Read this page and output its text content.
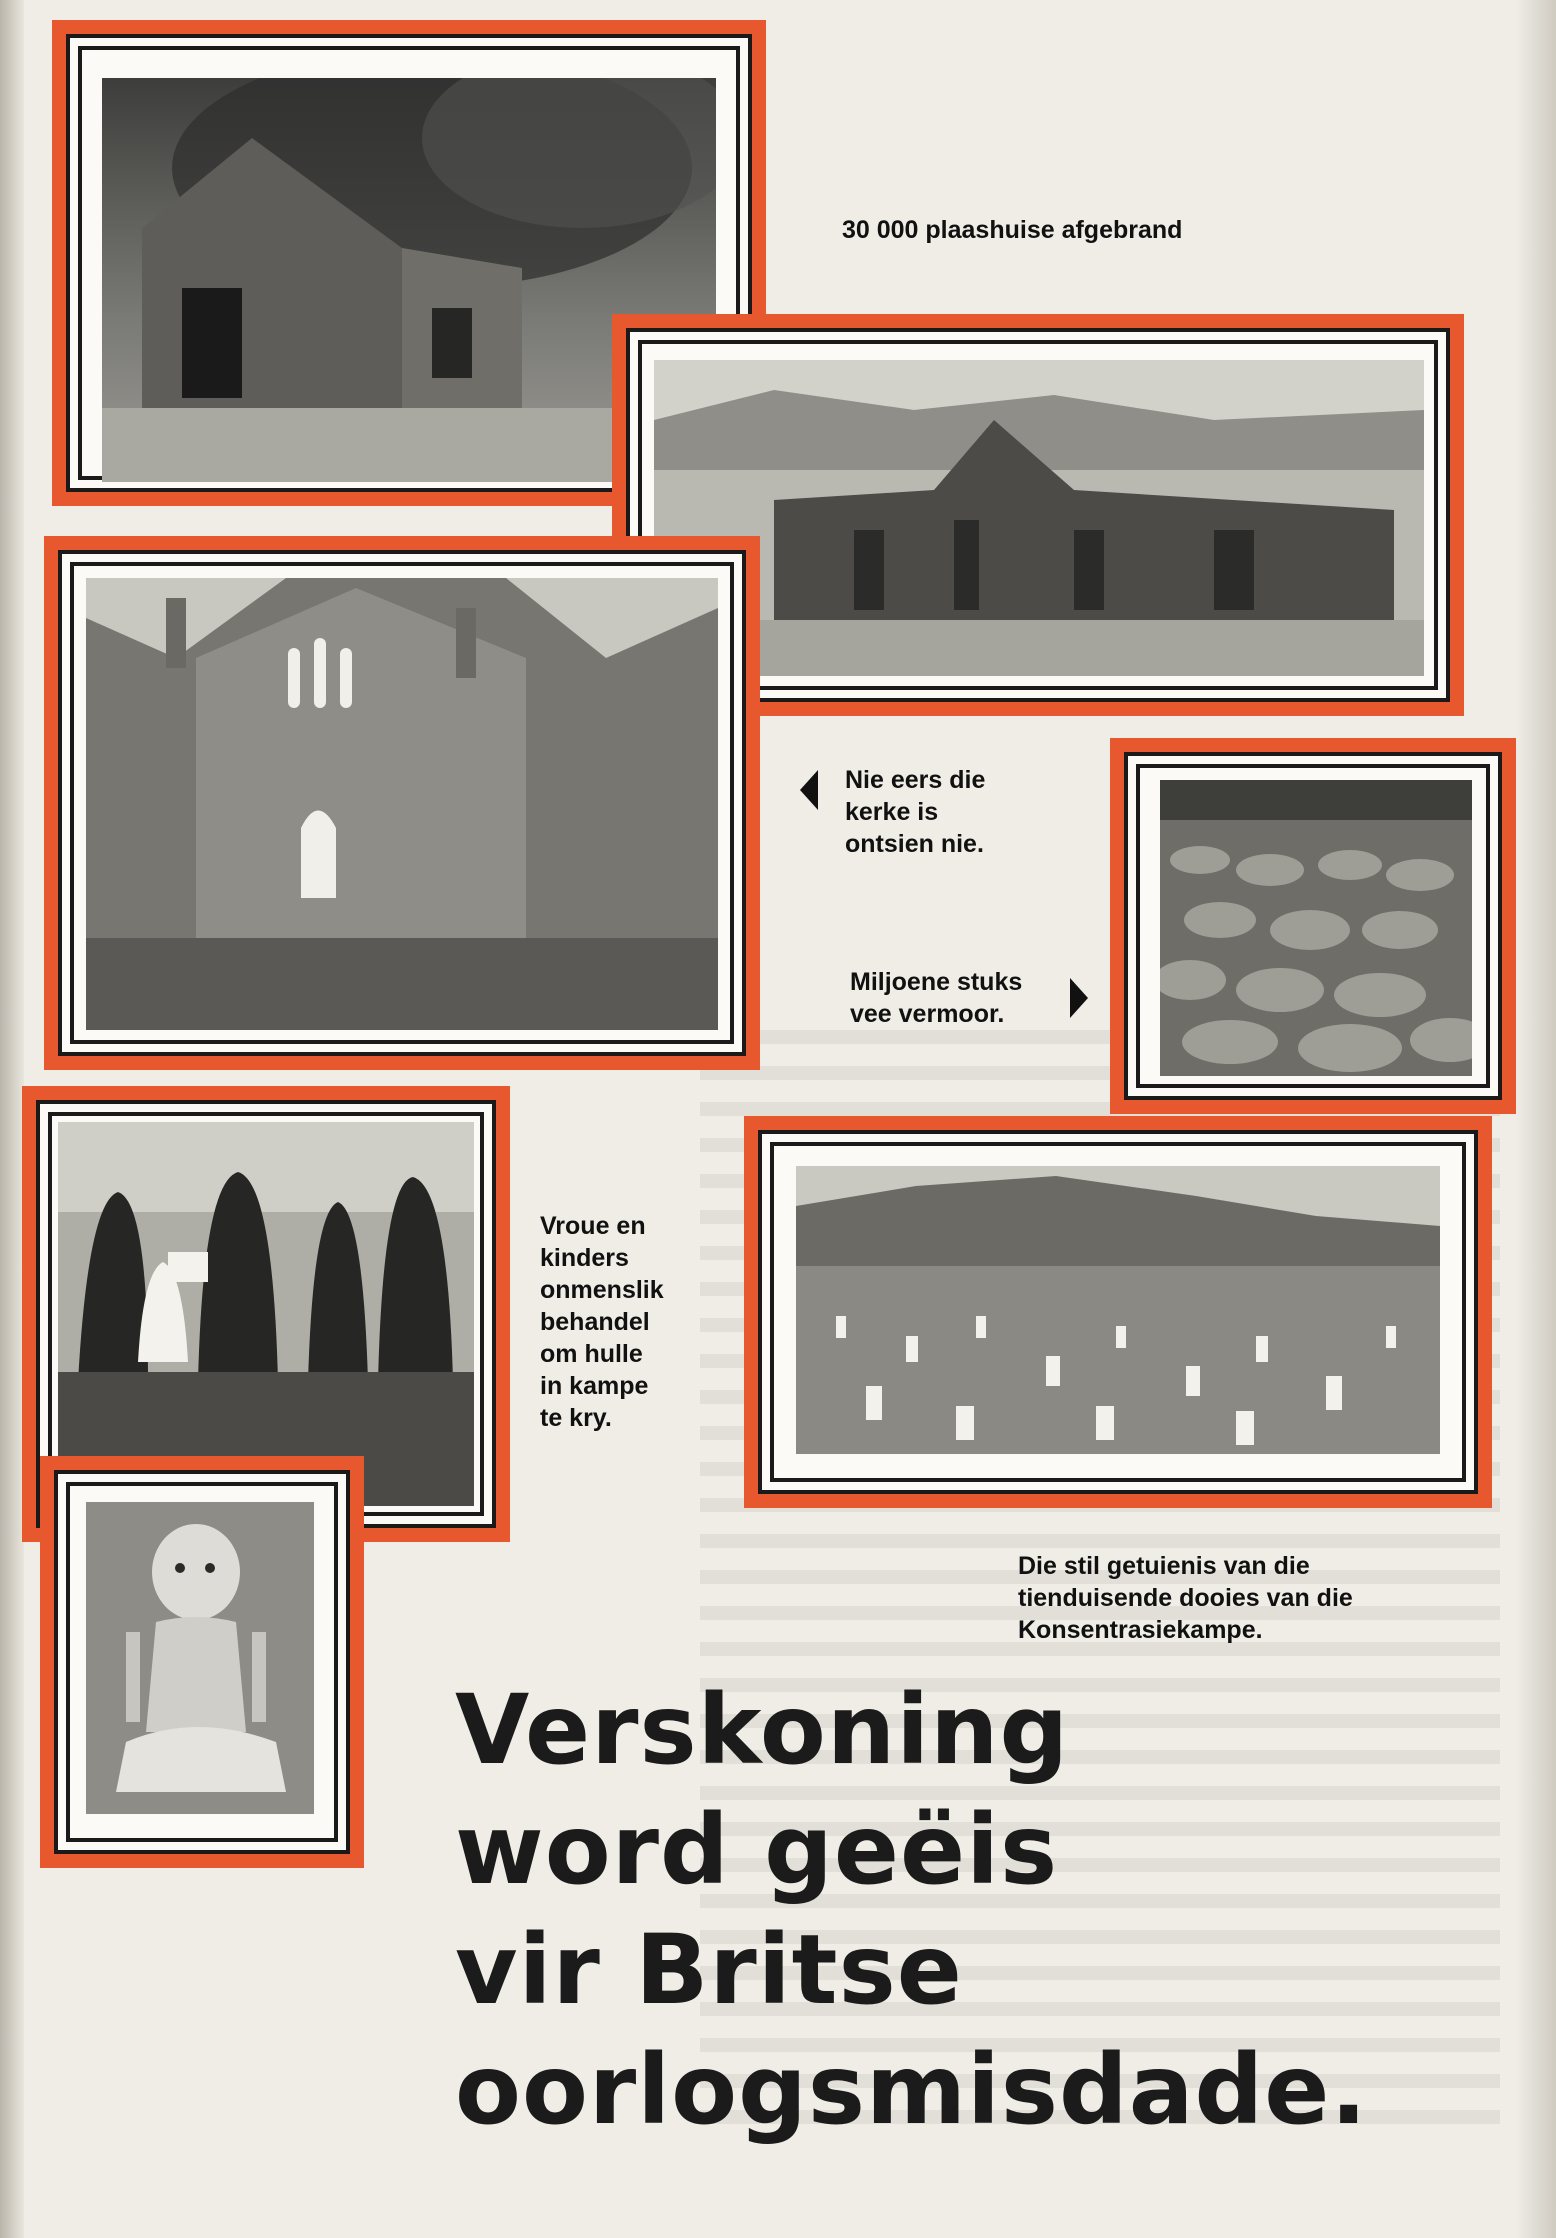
30 000 plaashuise afgebrand

Nie eers die
kerke is
ontsien nie.
Miljoene stuks
vee vermoor.
Vroue en
kinders
onmenslik
behandel
om hulle
in kampe
te kry.
Die stil getuienis van die
tienduisende dooies van die
Konsentrasiekampe.
Verskoning
word geëis
vir Britse
oorlogsmisdade.
